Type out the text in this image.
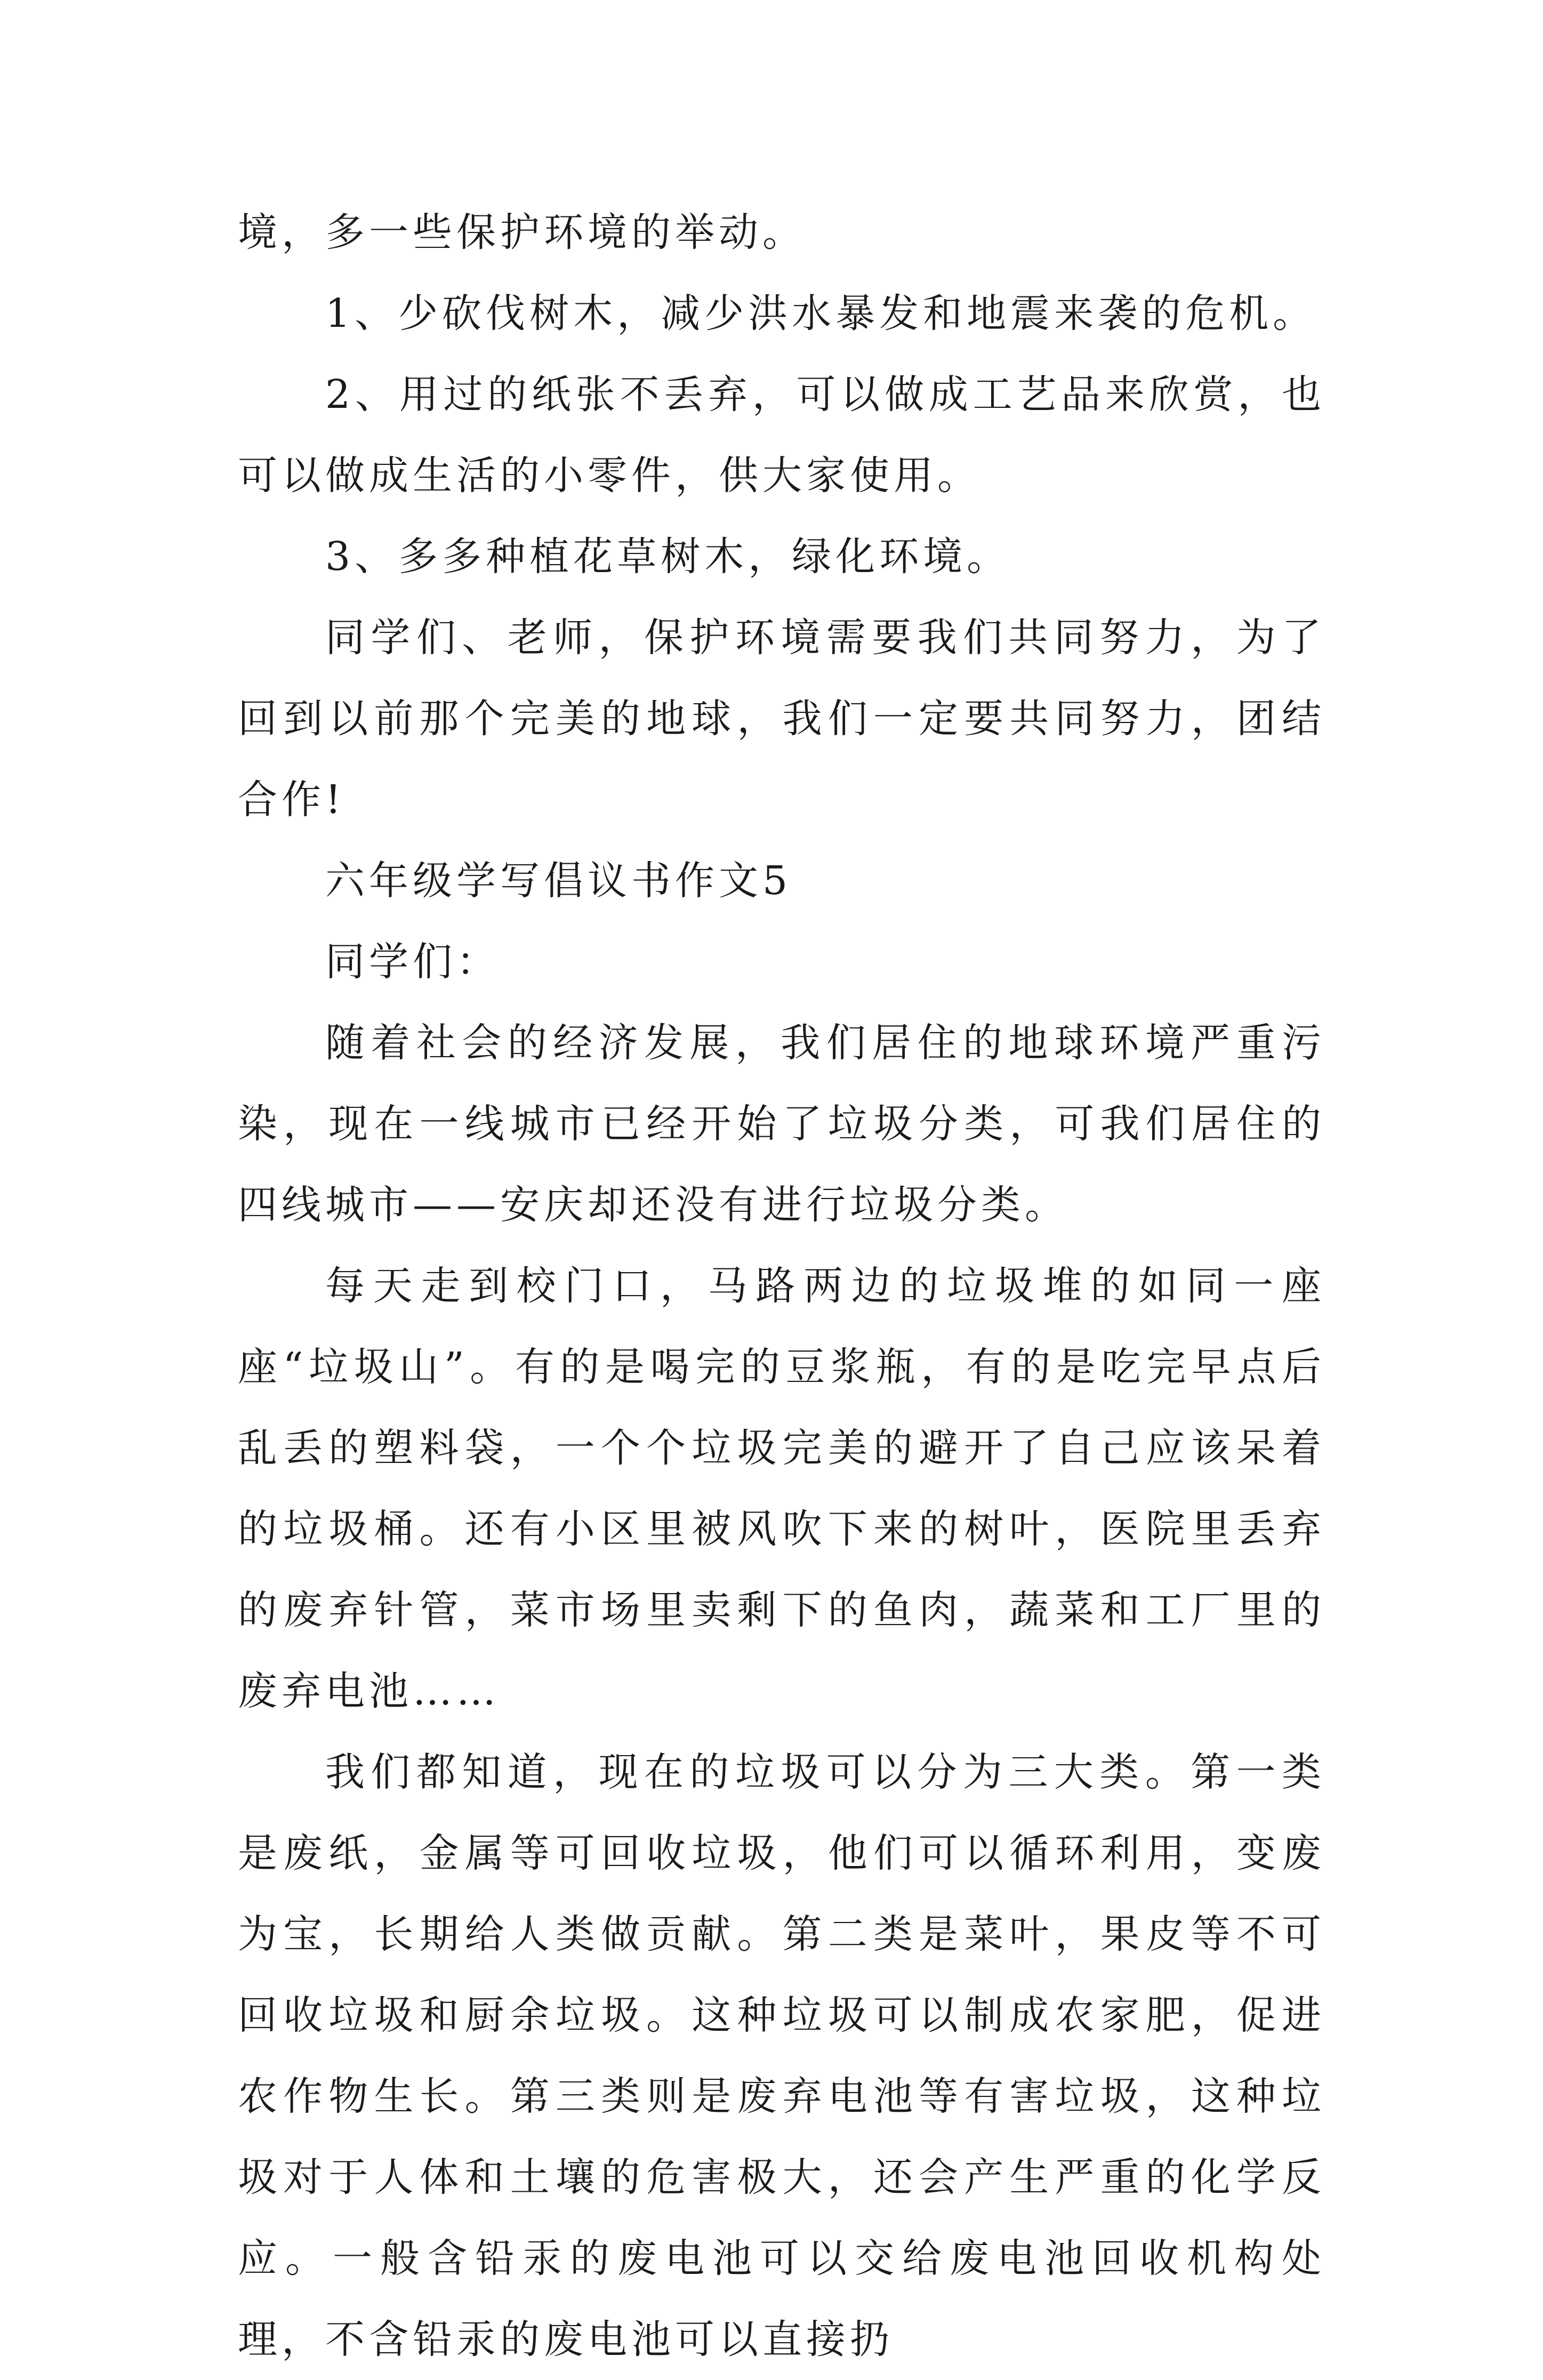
境，多一些保护环境的举动。

1、少砍伐树木，减少洪水暴发和地震来袭的危机。

2、用过的纸张不丢弃，可以做成工艺品来欣赏，也可以做成生活的小零件，供大家使用。

3、多多种植花草树木，绿化环境。

同学们、老师，保护环境需要我们共同努力，为了回到以前那个完美的地球，我们一定要共同努力，团结合作!

六年级学写倡议书作文5

同学们：

随着社会的经济发展，我们居住的地球环境严重污染，现在一线城市已经开始了垃圾分类，可我们居住的四线城市——安庆却还没有进行垃圾分类。

每天走到校门口，马路两边的垃圾堆的如同一座座“垃圾山”。有的是喝完的豆浆瓶，有的是吃完早点后乱丢的塑料袋，一个个垃圾完美的避开了自己应该呆着的垃圾桶。还有小区里被风吹下来的树叶，医院里丢弃的废弃针管，菜市场里卖剩下的鱼肉，蔬菜和工厂里的废弃电池……

我们都知道，现在的垃圾可以分为三大类。第一类是废纸，金属等可回收垃圾，他们可以循环利用，变废为宝，长期给人类做贡献。第二类是菜叶，果皮等不可回收垃圾和厨余垃圾。这种垃圾可以制成农家肥，促进农作物生长。第三类则是废弃电池等有害垃圾，这种垃圾对于人体和土壤的危害极大，还会产生严重的化学反应。一般含铅汞的废电池可以交给废电池回收机构处理，不含铅汞的废电池可以直接扔
